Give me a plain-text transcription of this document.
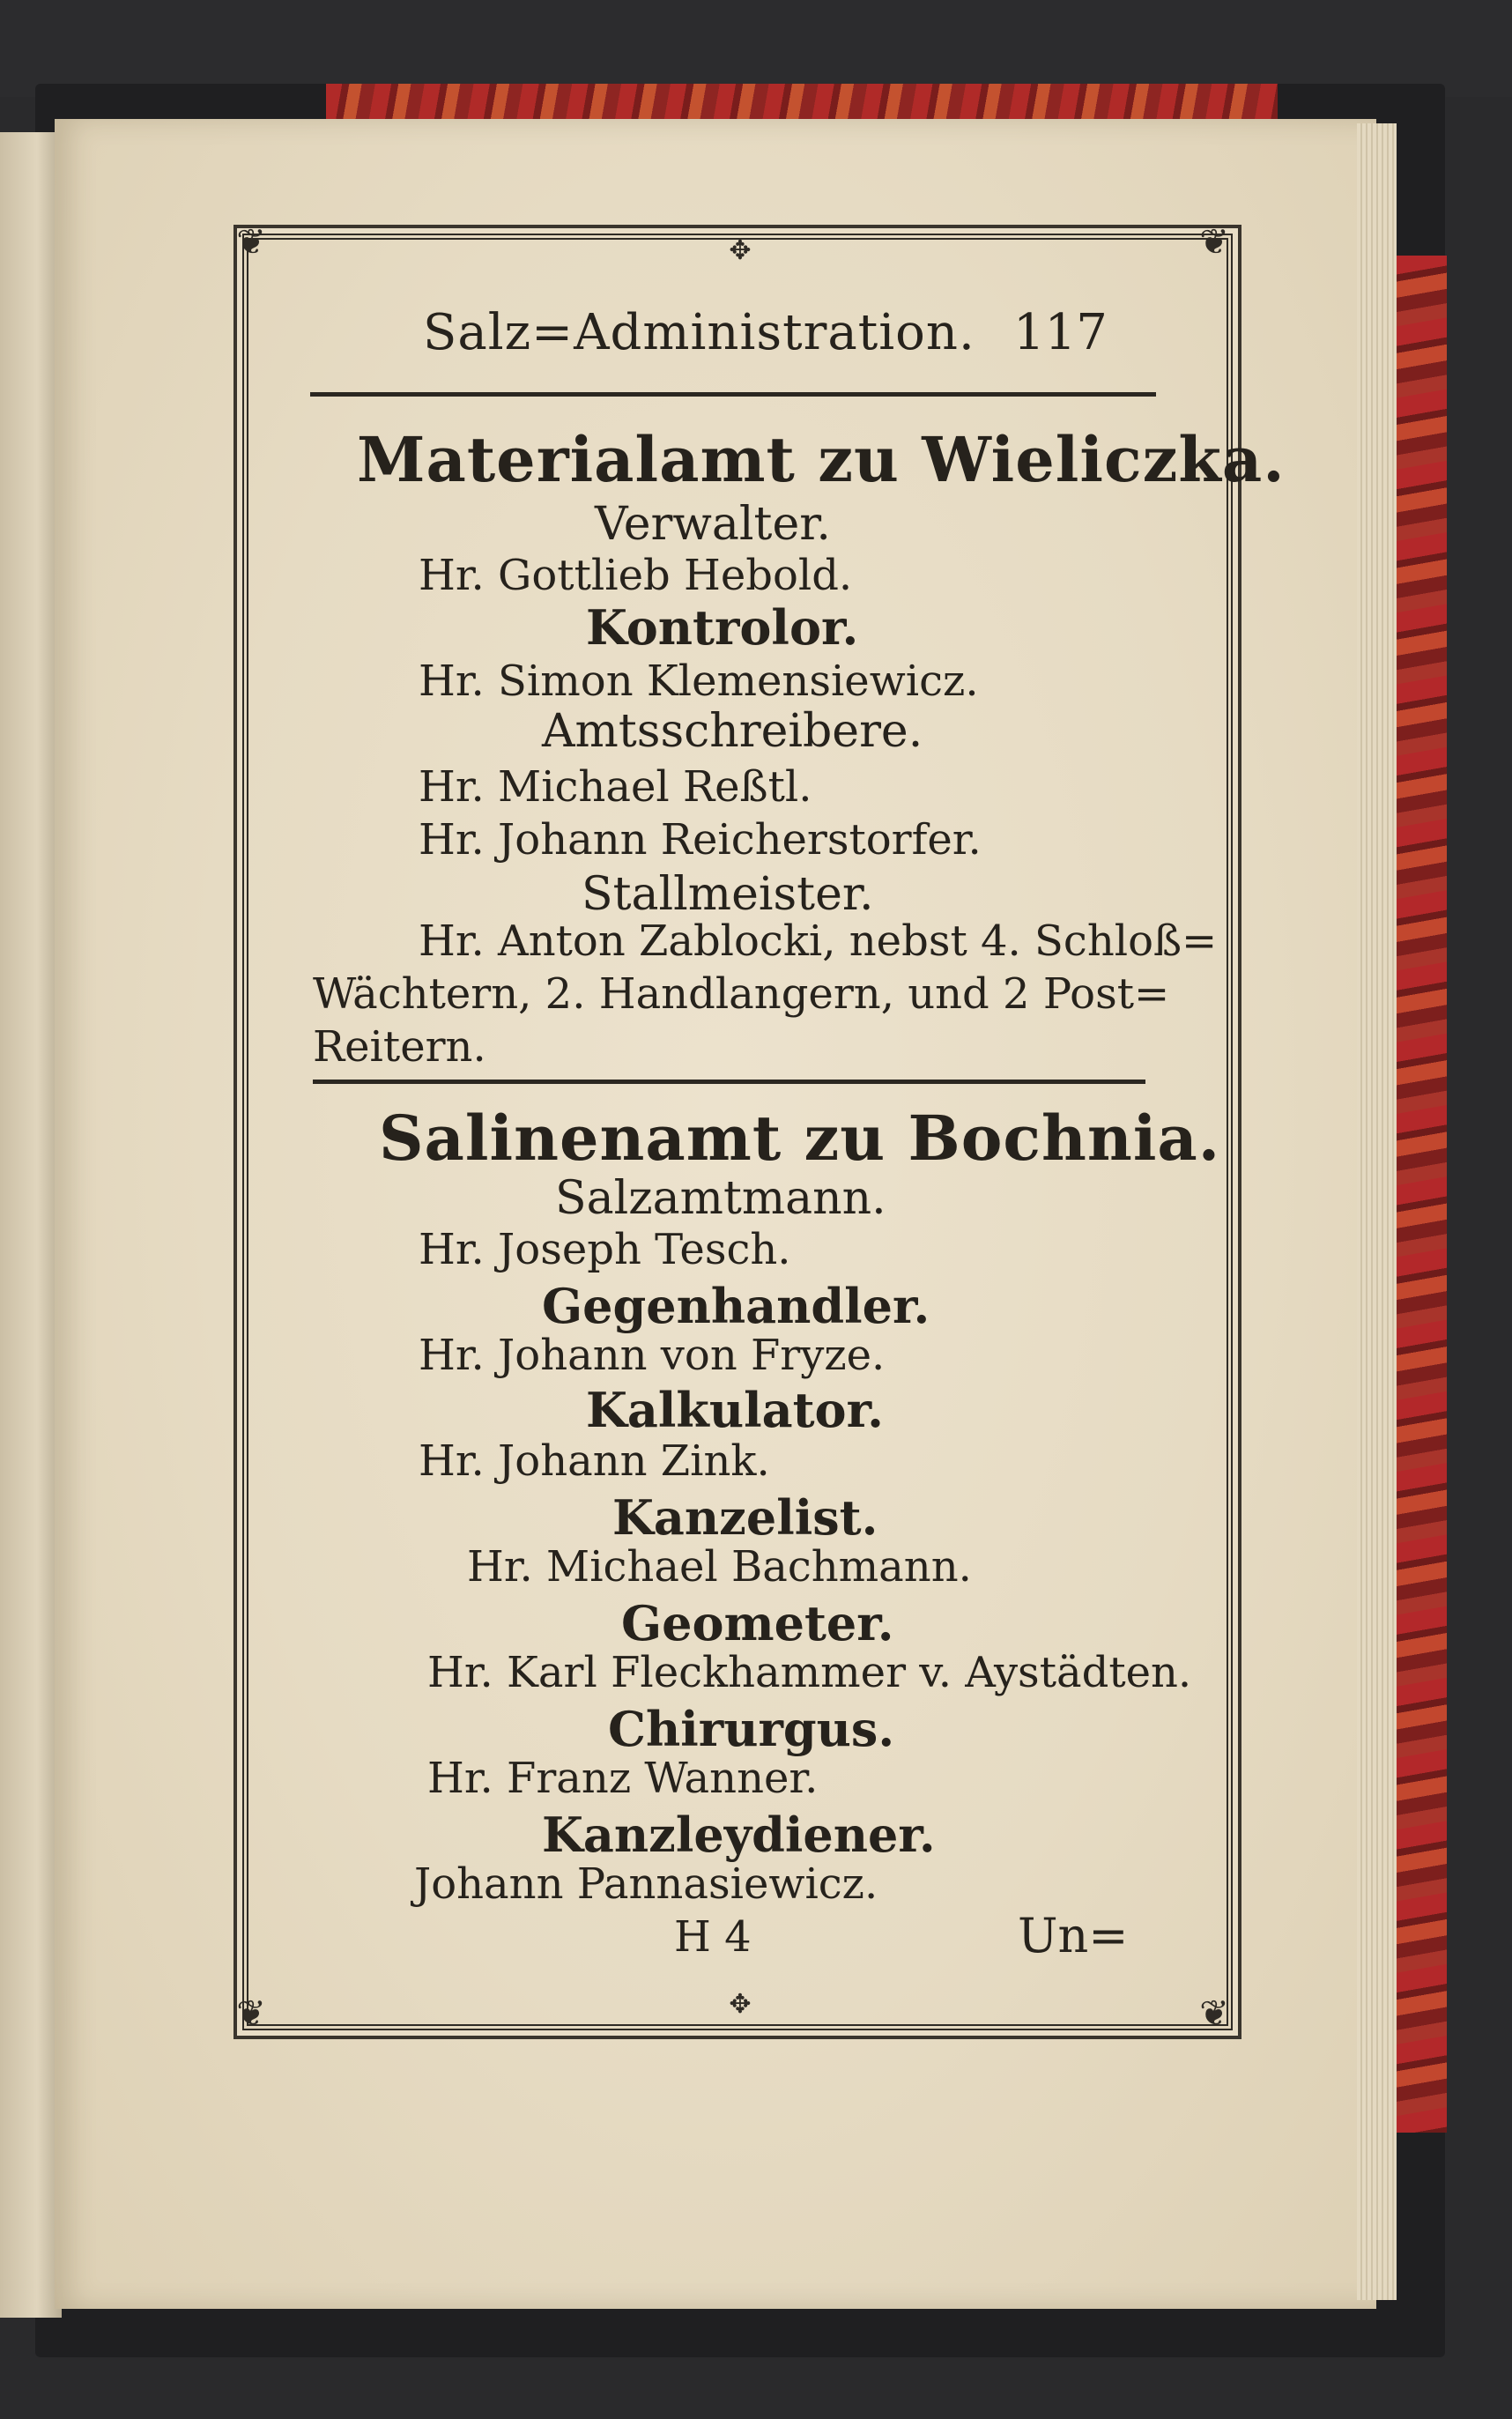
❦	❦
❦	❦
✥
✥
Salz=Administration. 117
Materialamt zu Wieliczka.
Verwalter.
Hr. Gottlieb Hebold.
Kontrolor.
Hr. Simon Klemensiewicz.
Amtsschreibere.
Hr. Michael Reßtl.
Hr. Johann Reicherstorfer.
Stallmeister.
Hr. Anton Zablocki, nebst 4. Schloß=
Wächtern, 2. Handlangern, und 2 Post=
Reitern.
Salinenamt zu Bochnia.
Salzamtmann.
Hr. Joseph Tesch.
Gegenhandler.
Hr. Johann von Fryze.
Kalkulator.
Hr. Johann Zink.
Kanzelist.
Hr. Michael Bachmann.
Geometer.
Hr. Karl Fleckhammer v. Aystädten.
Chirurgus.
Hr. Franz Wanner.
Kanzleydiener.
Johann Pannasiewicz.
H 4	Un=
